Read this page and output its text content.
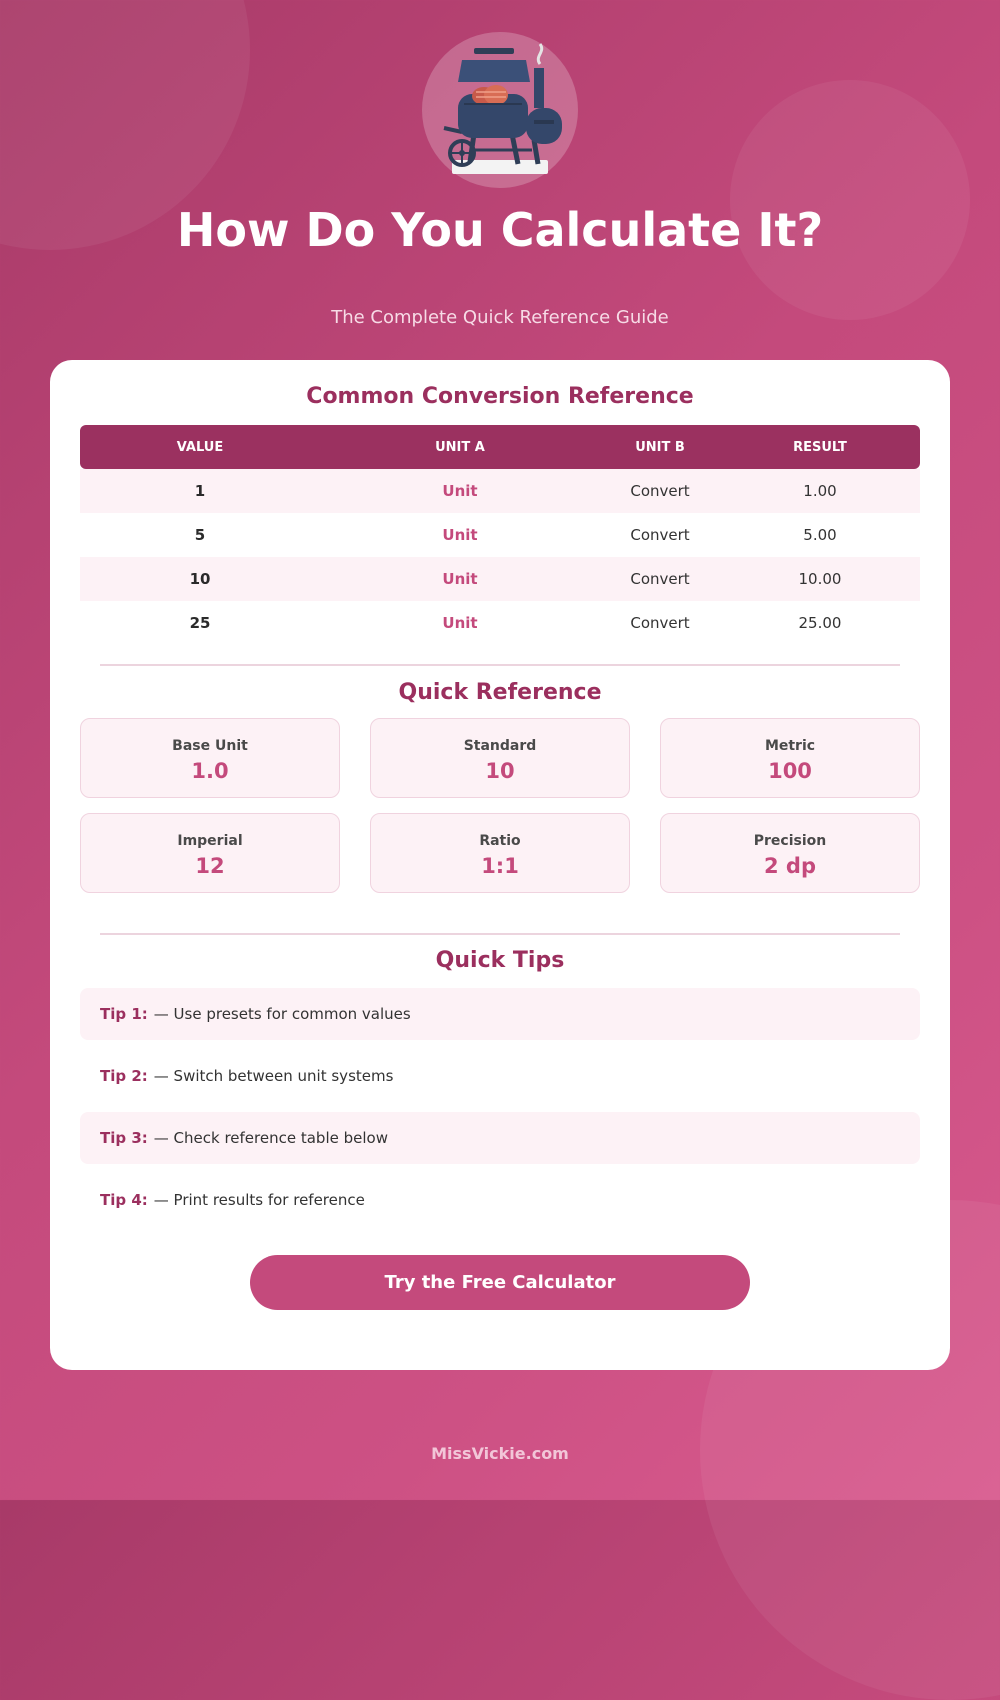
How Do You Calculate It?
The Complete Quick Reference Guide
Common Conversion Reference
VALUE	UNIT A	UNIT B	RESULT
1	Unit	Convert	1.00
5	Unit	Convert	5.00
10	Unit	Convert	10.00
25	Unit	Convert	25.00
Quick Reference
Base Unit
1.0
Standard
10
Metric
100
Imperial
12
Ratio
1:1
Precision
2 dp
Quick Tips
Tip 1: — Use presets for common values
Tip 2: — Switch between unit systems
Tip 3: — Check reference table below
Tip 4: — Print results for reference
Try the Free Calculator
MissVickie.com
